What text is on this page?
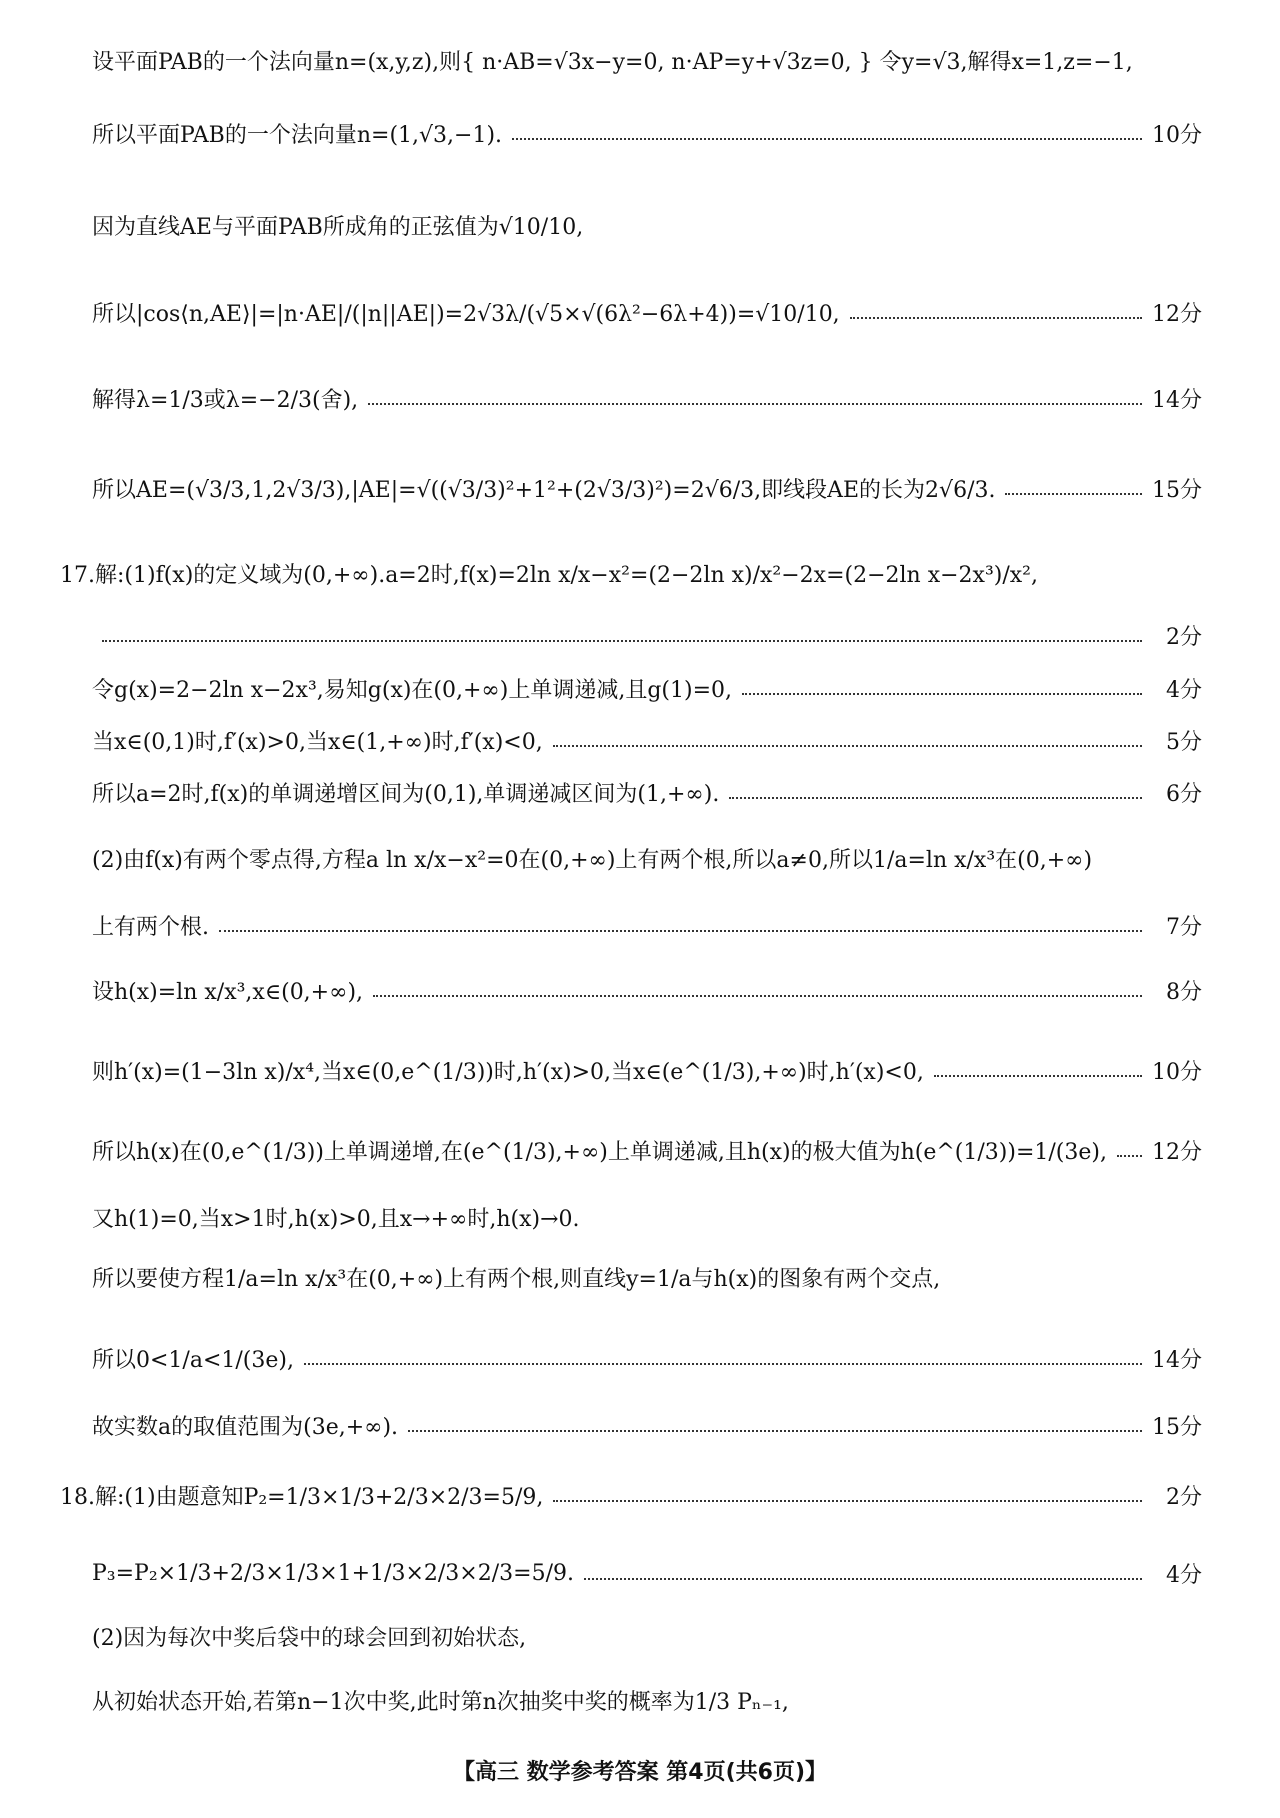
设平面PAB的一个法向量n=(x,y,z),则{ n·AB=√3x−y=0, n·AP=y+√3z=0, } 令y=√3,解得x=1,z=−1,
所以平面PAB的一个法向量n=(1,√3,−1).	10分
因为直线AE与平面PAB所成角的正弦值为√10/10,
所以|cos⟨n,AE⟩|=|n·AE|/(|n||AE|)=2√3λ/(√5×√(6λ²−6λ+4))=√10/10,	12分
解得λ=1/3或λ=−2/3(舍),	14分
所以AE=(√3/3,1,2√3/3),|AE|=√((√3/3)²+1²+(2√3/3)²)=2√6/3,即线段AE的长为2√6/3.	15分
17.解:(1)f(x)的定义域为(0,+∞).a=2时,f(x)=2ln x/x−x²=(2−2ln x)/x²−2x=(2−2ln x−2x³)/x²,
2分
令g(x)=2−2ln x−2x³,易知g(x)在(0,+∞)上单调递减,且g(1)=0,	4分
当x∈(0,1)时,f′(x)>0,当x∈(1,+∞)时,f′(x)<0,	5分
所以a=2时,f(x)的单调递增区间为(0,1),单调递减区间为(1,+∞).	6分
(2)由f(x)有两个零点得,方程a ln x/x−x²=0在(0,+∞)上有两个根,所以a≠0,所以1/a=ln x/x³在(0,+∞)
上有两个根.	7分
设h(x)=ln x/x³,x∈(0,+∞),	8分
则h′(x)=(1−3ln x)/x⁴,当x∈(0,e^(1/3))时,h′(x)>0,当x∈(e^(1/3),+∞)时,h′(x)<0,	10分
所以h(x)在(0,e^(1/3))上单调递增,在(e^(1/3),+∞)上单调递减,且h(x)的极大值为h(e^(1/3))=1/(3e), 12分
又h(1)=0,当x>1时,h(x)>0,且x→+∞时,h(x)→0.
所以要使方程1/a=ln x/x³在(0,+∞)上有两个根,则直线y=1/a与h(x)的图象有两个交点,
所以0<1/a<1/(3e),	14分
故实数a的取值范围为(3e,+∞).	15分
18.解:(1)由题意知P₂=1/3×1/3+2/3×2/3=5/9,	2分
P₃=P₂×1/3+2/3×1/3×1+1/3×2/3×2/3=5/9.	4分
(2)因为每次中奖后袋中的球会回到初始状态,
从初始状态开始,若第n−1次中奖,此时第n次抽奖中奖的概率为1/3 Pₙ₋₁,
【高三 数学参考答案 第4页(共6页)】
